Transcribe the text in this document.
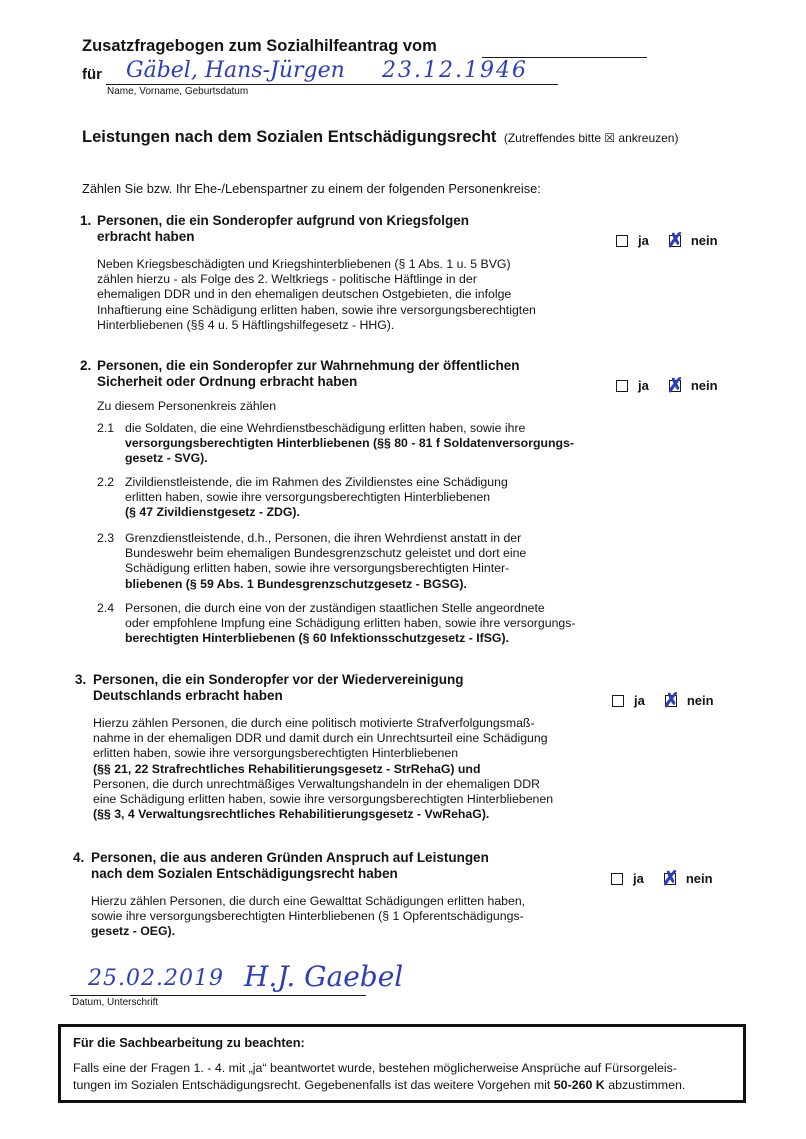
Zusatzfragebogen zum Sozialhilfeantrag vom
für Gäbel, Hans-Jürgen 23.12.1946
Name, Vorname, Geburtsdatum
Leistungen nach dem Sozialen Entschädigungsrecht (Zutreffendes bitte ☒ ankreuzen)
Zählen Sie bzw. Ihr Ehe-/Lebenspartner zu einem der folgenden Personenkreise:
1. Personen, die ein Sonderopfer aufgrund von Kriegsfolgen
erbracht haben	ja ✗ nein
Neben Kriegsbeschädigten und Kriegshinterbliebenen (§ 1 Abs. 1 u. 5 BVG)
zählen hierzu - als Folge des 2. Weltkriegs - politische Häftlinge in der
ehemaligen DDR und in den ehemaligen deutschen Ostgebieten, die infolge
Inhaftierung eine Schädigung erlitten haben, sowie ihre versorgungsberechtigten
Hinterbliebenen (§§ 4 u. 5 Häftlingshilfegesetz - HHG).
2. Personen, die ein Sonderopfer zur Wahrnehmung der öffentlichen
Sicherheit oder Ordnung erbracht haben	ja ✗ nein
Zu diesem Personenkreis zählen
2.1 die Soldaten, die eine Wehrdienstbeschädigung erlitten haben, sowie ihre

versorgungsberechtigten Hinterbliebenen (§§ 80 - 81 f Soldatenversorgungs-

gesetz - SVG).

2.2 Zivildienstleistende, die im Rahmen des Zivildienstes eine Schädigung

erlitten haben, sowie ihre versorgungsberechtigten Hinterbliebenen

(§ 47 Zivildienstgesetz - ZDG).

2.3 Grenzdienstleistende, d.h., Personen, die ihren Wehrdienst anstatt in der

Bundeswehr beim ehemaligen Bundesgrenzschutz geleistet und dort eine

Schädigung erlitten haben, sowie ihre versorgungsberechtigten Hinter-

bliebenen (§ 59 Abs. 1 Bundesgrenzschutzgesetz - BGSG).

2.4 Personen, die durch eine von der zuständigen staatlichen Stelle angeordnete

oder empfohlene Impfung eine Schädigung erlitten haben, sowie ihre versorgungs-

berechtigten Hinterbliebenen (§ 60 Infektionsschutzgesetz - IfSG).

3. Personen, die ein Sonderopfer vor der Wiedervereinigung
Deutschlands erbracht haben	ja ✗ nein
Hierzu zählen Personen, die durch eine politisch motivierte Strafverfolgungsmaß-
nahme in der ehemaligen DDR und damit durch ein Unrechtsurteil eine Schädigung
erlitten haben, sowie ihre versorgungsberechtigten Hinterbliebenen
(§§ 21, 22 Strafrechtliches Rehabilitierungsgesetz - StrRehaG) und
Personen, die durch unrechtmäßiges Verwaltungshandeln in der ehemaligen DDR
eine Schädigung erlitten haben, sowie ihre versorgungsberechtigten Hinterbliebenen
(§§ 3, 4 Verwaltungsrechtliches Rehabilitierungsgesetz - VwRehaG).
4. Personen, die aus anderen Gründen Anspruch auf Leistungen
nach dem Sozialen Entschädigungsrecht haben	ja ✗ nein
Hierzu zählen Personen, die durch eine Gewalttat Schädigungen erlitten haben,
sowie ihre versorgungsberechtigten Hinterbliebenen (§ 1 Opferentschädigungs-
gesetz - OEG).
25.02.2019 H.J. Gaebel
Datum, Unterschrift
Für die Sachbearbeitung zu beachten:
Falls eine der Fragen 1. - 4. mit „ja“ beantwortet wurde, bestehen möglicherweise Ansprüche auf Fürsorgeleis-
tungen im Sozialen Entschädigungsrecht. Gegebenenfalls ist das weitere Vorgehen mit 50-260 K abzustimmen.
